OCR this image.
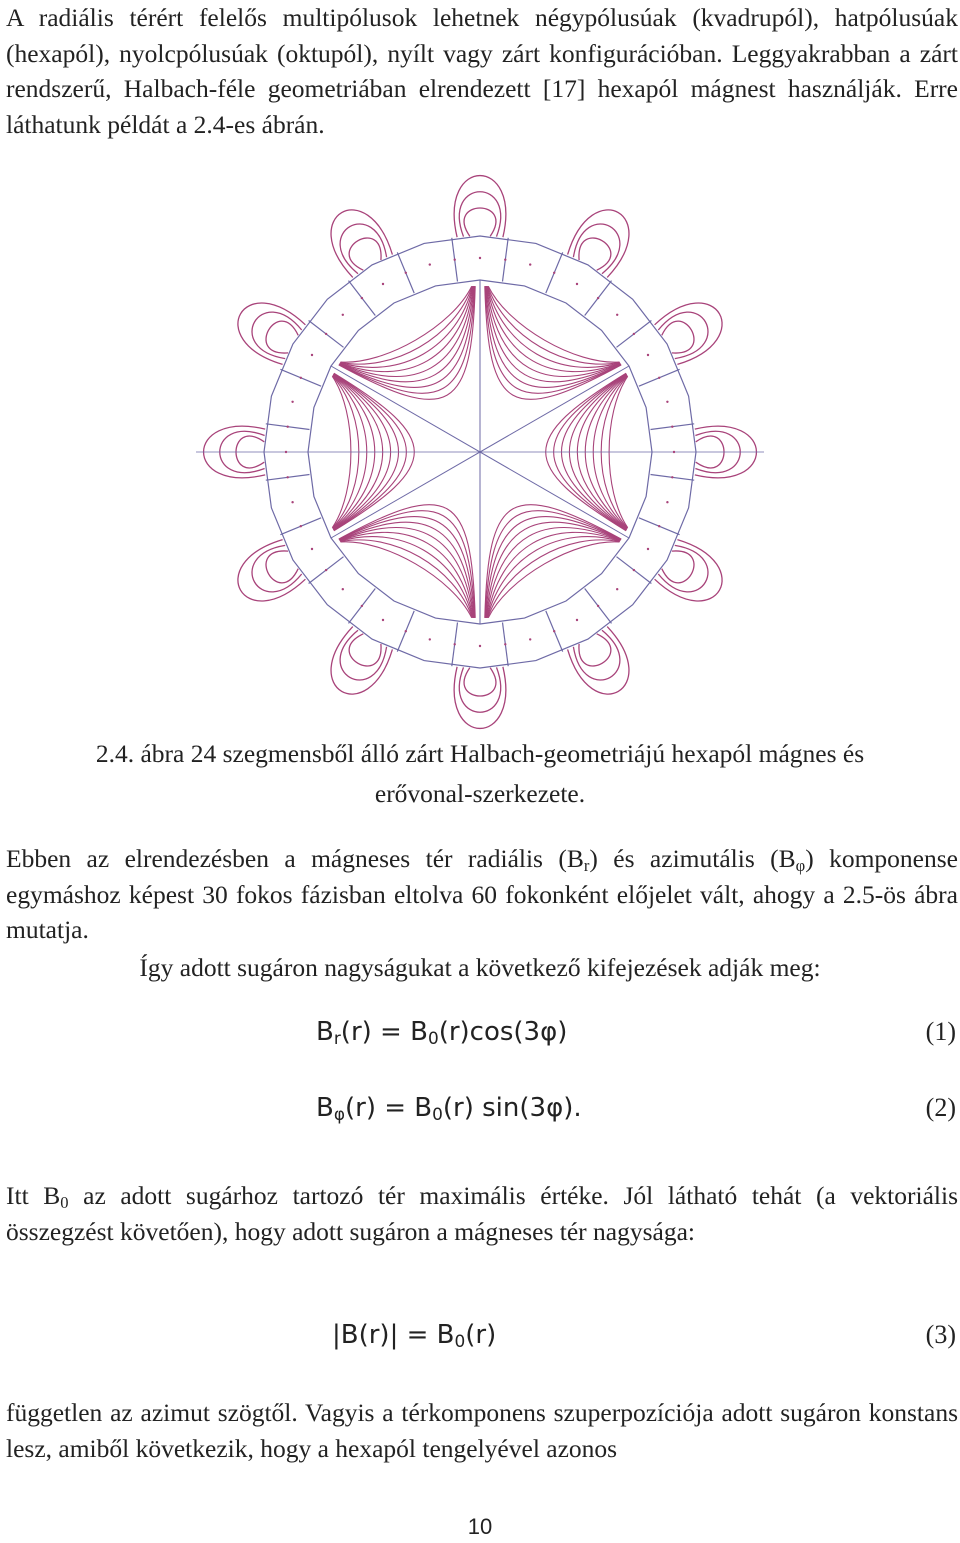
A radiális térért felelős multipólusok lehetnek négypólusúak (kvadrupól), hatpólusúak (hexapól), nyolcpólusúak (oktupól), nyílt vagy zárt konfigurációban. Leggyakrabban a zárt rendszerű, Halbach-féle geometriában elrendezett [17] hexapól mágnest használják. Erre láthatunk példát a 2.4-es ábrán.

2.4. ábra 24 szegmensből álló zárt Halbach-geometriájú hexapól mágnes és

erővonal-szerkezete.

Ebben az elrendezésben a mágneses tér radiális $(B_r)$ és azimutális $(B_\varphi)$ komponense egymáshoz képest 30 fokos fázisban eltolva 60 fokonként előjelet vált, ahogy a 2.5-ös ábra mutatja.

Így adott sugáron nagyságukat a következő kifejezések adják meg:

$B_r(r) = B_0(r)\cos(3\varphi)$	(1)
$B_\varphi(r) = B_0(r)$ sin(3φ).	(2)

Itt $B_0$ az adott sugárhoz tartozó tér maximális értéke. Jól látható tehát (a vektoriális összegzést követően), hogy adott sugáron a mágneses tér nagysága:

$|B(r)| = B_0(r)$	(3)

független az azimut szögtől. Vagyis a térkomponens szuperpozíciója adott sugáron konstans lesz, amiből következik, hogy a hexapól tengelyével azonos

10
